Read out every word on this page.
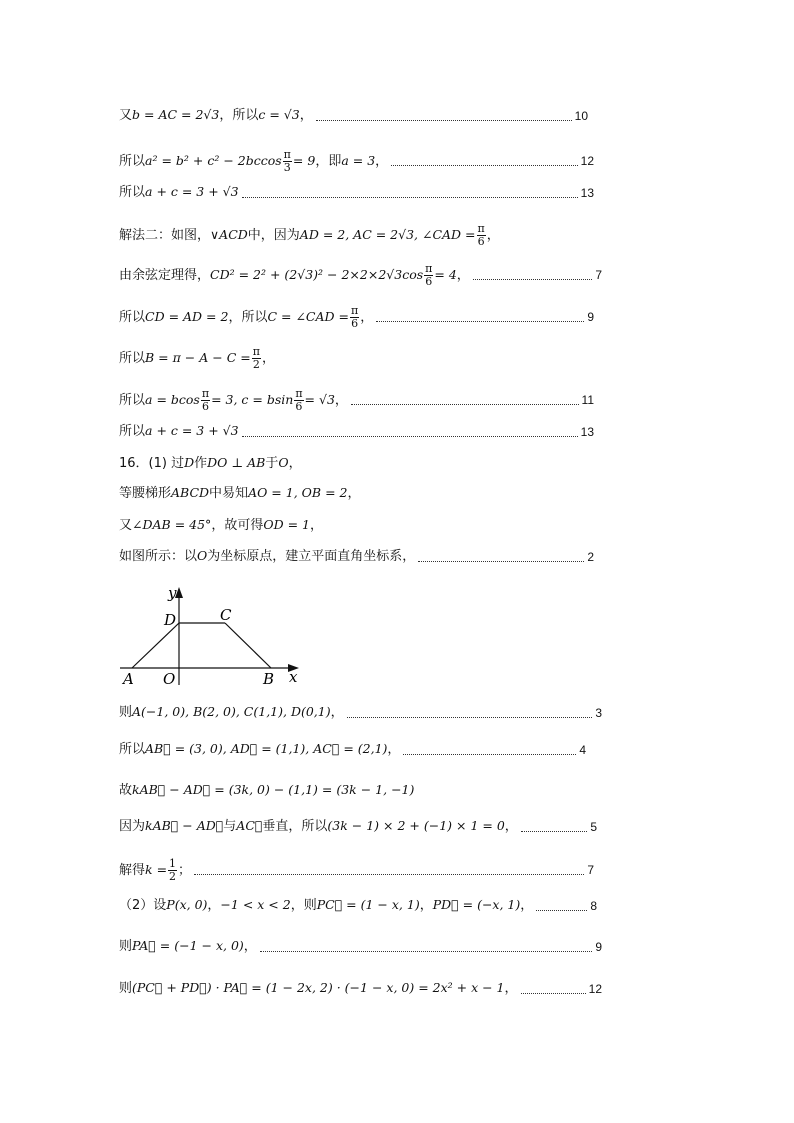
又 b = AC = 2√3 ，所以 c = √3 ，	10
所以 $a^2 = b^2 + c^2 - 2bccos \frac{\pi}{3} = 9$ ，即 a = 3 ，	12
所以 a + c = 3 + √3	13
解法二：如图， ∨ACD 中，因为 AD = 2, AC = 2√3, ∠CAD = $\frac{\pi}{6}$ ，
由余弦定理得， $CD^2 = 2^2 + (2√3)^2 - 2\times 2\times 2√3\cos \frac{\pi}{6} = 4$ ，	7
所以 CD = AD = 2 ，所以 C = ∠CAD = $\frac{\pi}{6}$ ，	9
所以 $B = \pi - A - C = \frac{\pi}{2}$ ，
所以 a = bcos $\frac{\pi}{6} = 3$, c = bsin $\frac{\pi}{6} = √3$ ，	11
所以 a + c = 3 + √3	13
16．(1) 过 D 作 DO ⊥ AB 于 O ，
等腰梯形 ABCD 中易知 AO = 1, OB = 2 ，
又 ∠DAB = 45° ，故可得 OD = 1 ，
如图所示：以 O 为坐标原点，建立平面直角坐标系，	2
则 A(−1, 0), B(2, 0), C(1,1), D(0,1) ，	3
所以 AB⃗ = (3, 0), AD⃗ = (1,1), AC⃗ = (2,1) ，	4
故 kAB⃗ − AD⃗ = (3k, 0) − (1,1) = (3k − 1, −1)
因为 kAB⃗ − AD⃗ 与 AC⃗ 垂直，所以 (3k − 1) × 2 + (−1) × 1 = 0 ，	5
解得 $k = \frac{1}{2}$ ；	7
（2）设 P(x, 0) ， −1 < x < 2 ，则 PC⃗ = (1 − x, 1) ， PD⃗ = (−x, 1) ，	8
则 PA⃗ = (−1 − x, 0) ，	9
则 (PC⃗ + PD⃗) · PA⃗ = (1 − 2x, 2) · (−1 − x, 0) = 2x² + x − 1 ，	12
x
y
A O	B
C
D
